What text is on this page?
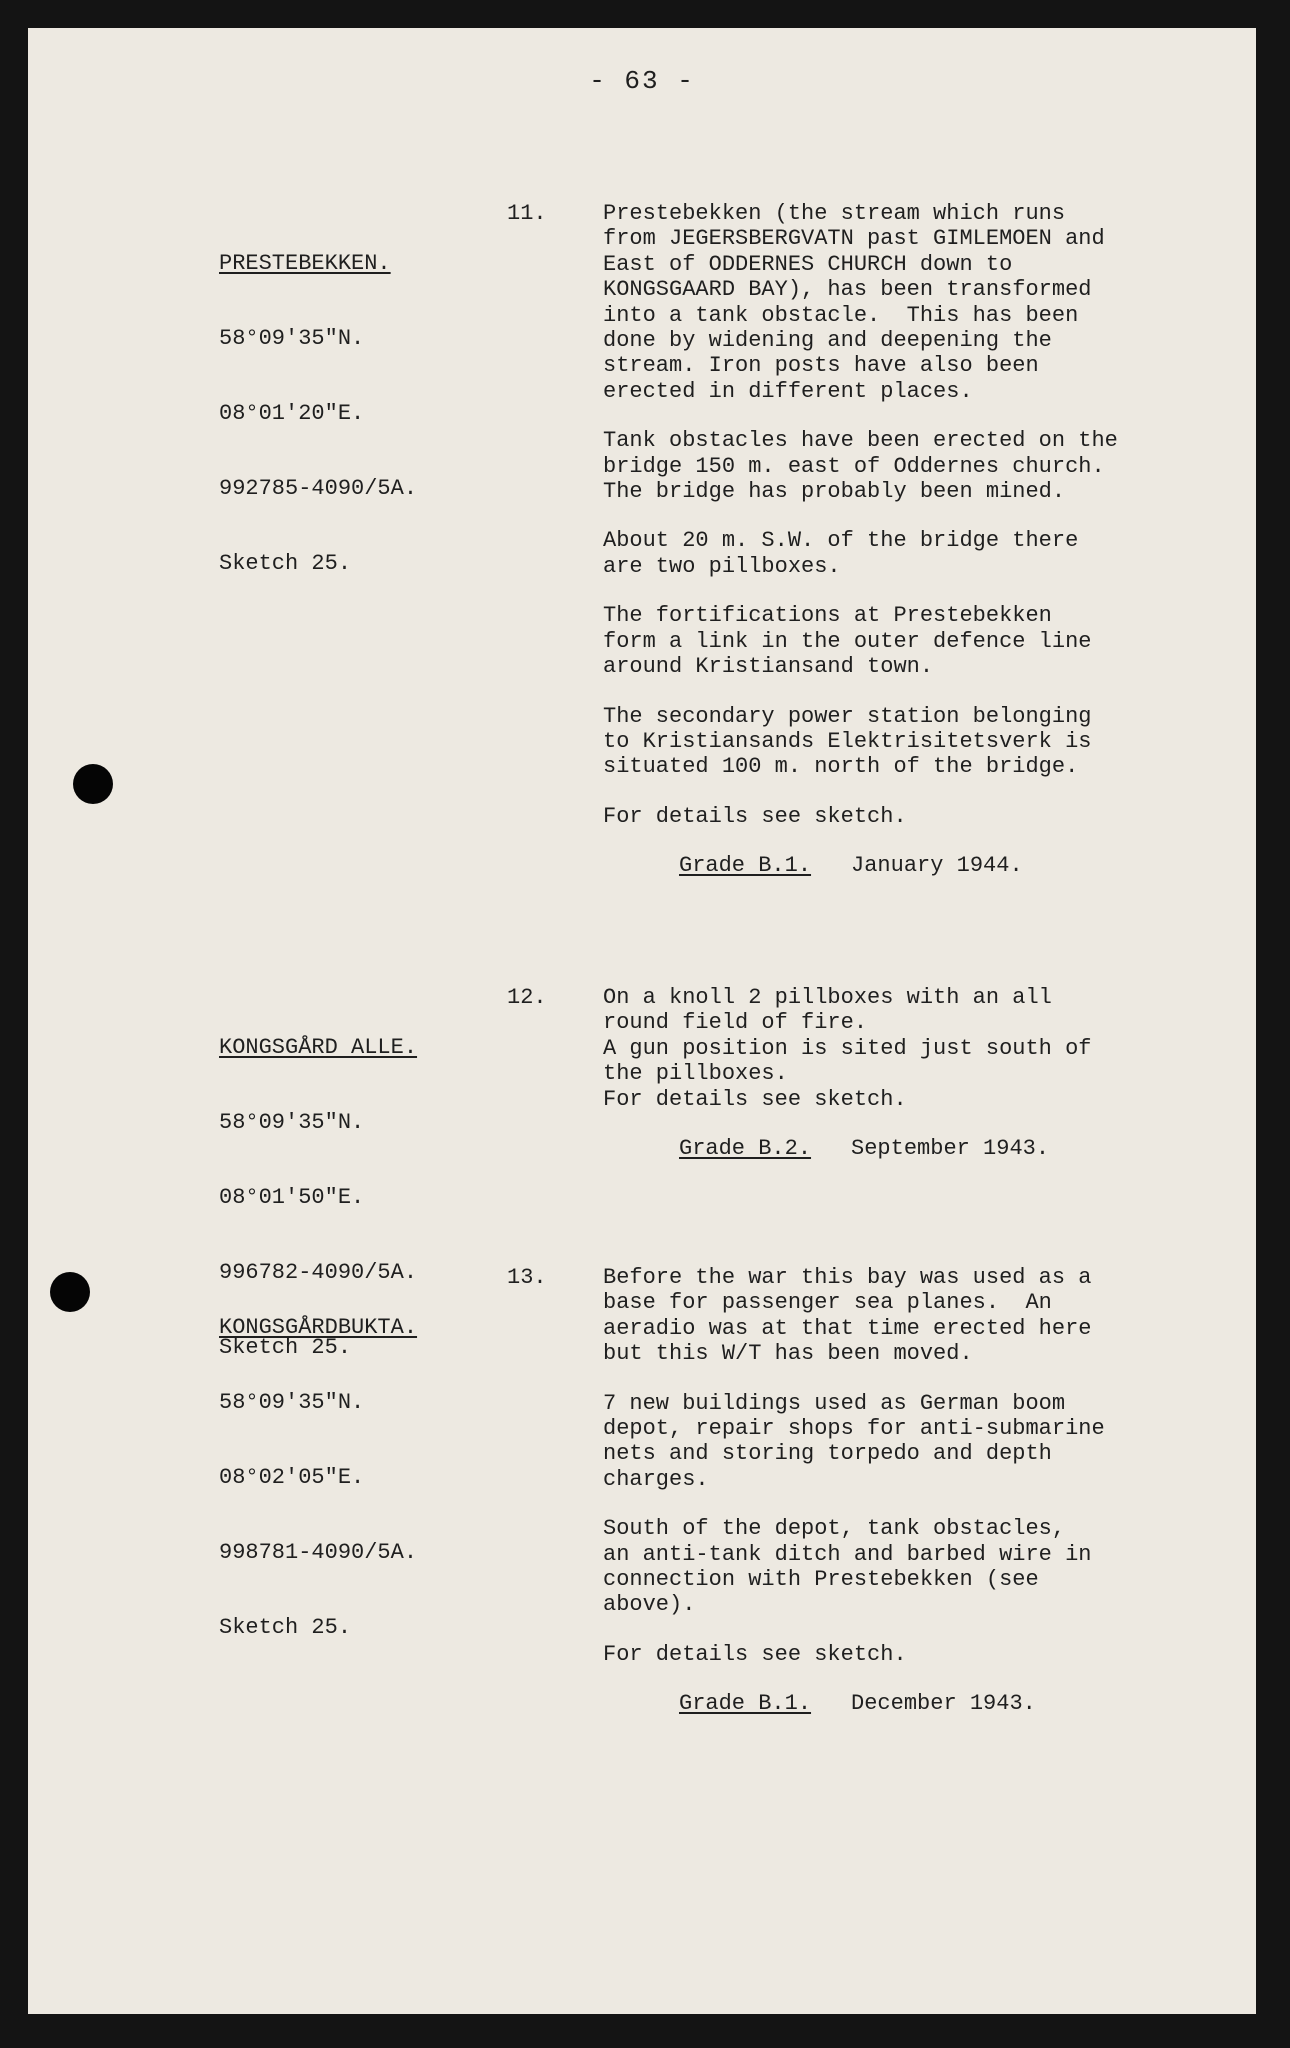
- 63 -

PRESTEBEKKEN.

58°09'35"N.

08°01'20"E.

992785-4090/5A.

Sketch 25.

11.	Prestebekken (the stream which runs
from JEGERSBERGVATN past GIMLEMOEN and
East of ODDERNES CHURCH down to
KONGSGAARD BAY), has been transformed
into a tank obstacle.  This has been
done by widening and deepening the
stream. Iron posts have also been
erected in different places.
Tank obstacles have been erected on the
bridge 150 m. east of Oddernes church.
The bridge has probably been mined.
About 20 m. S.W. of the bridge there
are two pillboxes.
The fortifications at Prestebekken
form a link in the outer defence line
around Kristiansand town.
The secondary power station belonging
to Kristiansands Elektrisitetsverk is
situated 100 m. north of the bridge.
For details see sketch.
Grade B.1. January 1944.

KONGSGÅRD ALLE.

58°09'35"N.

08°01'50"E.

996782-4090/5A.

Sketch 25.

12.	On a knoll 2 pillboxes with an all
round field of fire.
A gun position is sited just south of
the pillboxes.
For details see sketch.
Grade B.2. September 1943.

KONGSGÅRDBUKTA.

58°09'35"N.

08°02'05"E.

998781-4090/5A.

Sketch 25.

13.	Before the war this bay was used as a
base for passenger sea planes.  An
aeradio was at that time erected here
but this W/T has been moved.
7 new buildings used as German boom
depot, repair shops for anti-submarine
nets and storing torpedo and depth
charges.
South of the depot, tank obstacles,
an anti-tank ditch and barbed wire in
connection with Prestebekken (see
above).
For details see sketch.
Grade B.1. December 1943.
